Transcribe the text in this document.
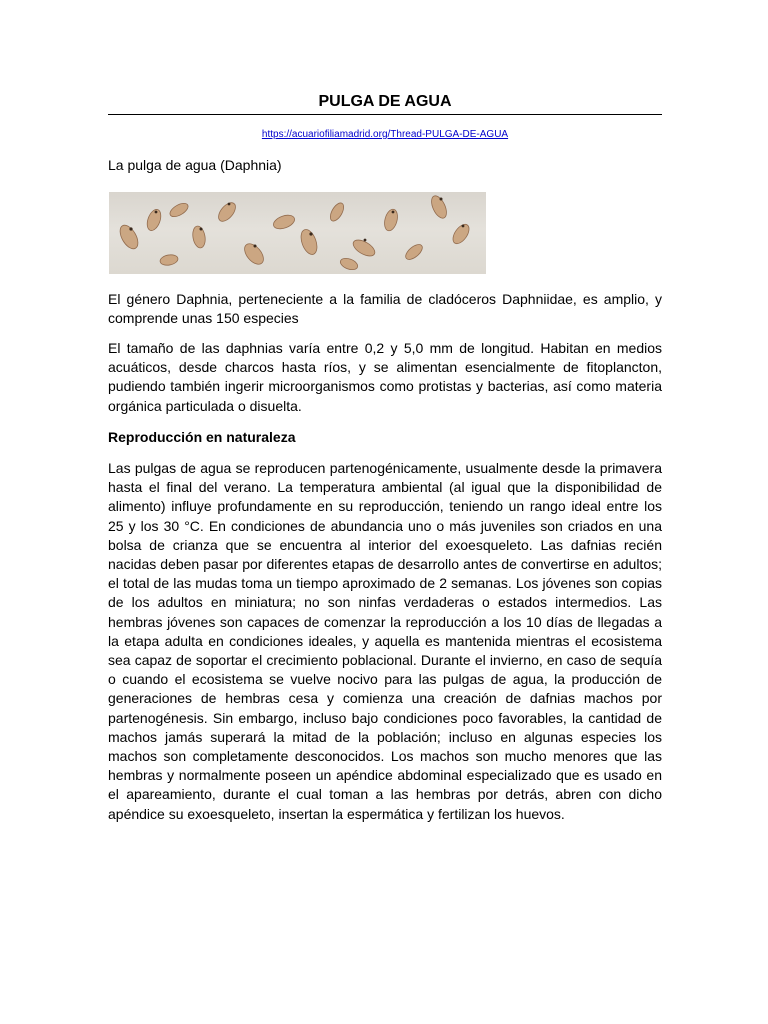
PULGA DE AGUA
https://acuariofiliamadrid.org/Thread-PULGA-DE-AGUA
La pulga de agua (Daphnia)
El género Daphnia, perteneciente a la familia de cladóceros Daphniidae, es amplio, y comprende unas 150 especies
El tamaño de las daphnias varía entre 0,2 y 5,0 mm de longitud. Habitan en medios acuáticos, desde charcos hasta ríos, y se alimentan esencialmente de fitoplancton, pudiendo también ingerir microorganismos como protistas y bacterias, así como materia orgánica particulada o disuelta.
Reproducción en naturaleza
Las pulgas de agua se reproducen partenogénicamente, usualmente desde la primavera hasta el final del verano. La temperatura ambiental (al igual que la disponibilidad de alimento) influye profundamente en su reproducción, teniendo un rango ideal entre los 25 y los 30 °C. En condiciones de abundancia uno o más juveniles son criados en una bolsa de crianza que se encuentra al interior del exoesqueleto. Las dafnias recién nacidas deben pasar por diferentes etapas de desarrollo antes de convertirse en adultos; el total de las mudas toma un tiempo aproximado de 2 semanas. Los jóvenes son copias de los adultos en miniatura; no son ninfas verdaderas o estados intermedios. Las hembras jóvenes son capaces de comenzar la reproducción a los 10 días de llegadas a la etapa adulta en condiciones ideales, y aquella es mantenida mientras el ecosistema sea capaz de soportar el crecimiento poblacional. Durante el invierno, en caso de sequía o cuando el ecosistema se vuelve nocivo para las pulgas de agua, la producción de generaciones de hembras cesa y comienza una creación de dafnias machos por partenogénesis. Sin embargo, incluso bajo condiciones poco favorables, la cantidad de machos jamás superará la mitad de la población; incluso en algunas especies los machos son completamente desconocidos. Los machos son mucho menores que las hembras y normalmente poseen un apéndice abdominal especializado que es usado en el apareamiento, durante el cual toman a las hembras por detrás, abren con dicho apéndice su exoesqueleto, insertan la espermática y fertilizan los huevos.
